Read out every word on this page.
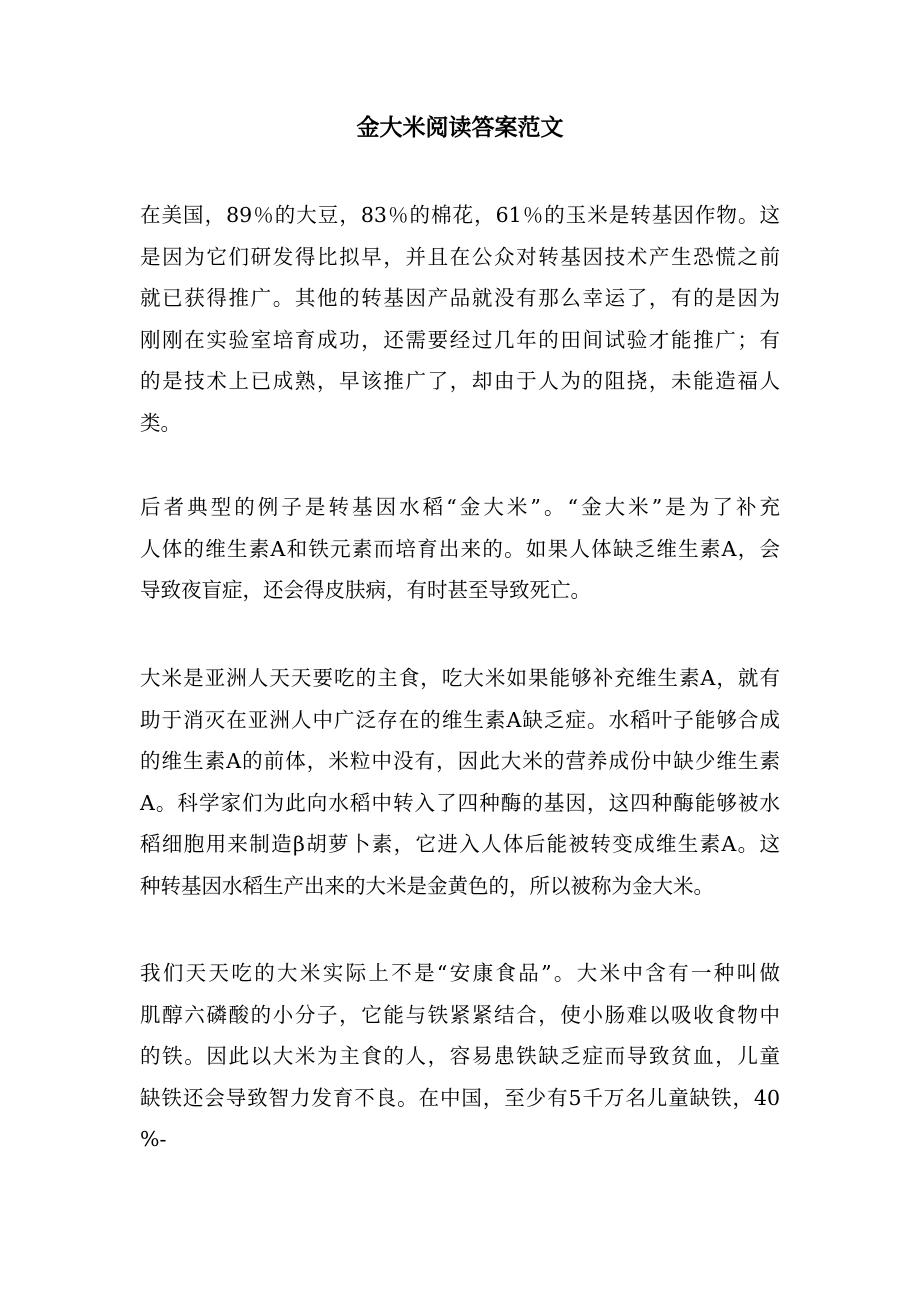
金大米阅读答案范文

在美国，89％的大豆，83％的棉花，61％的玉米是转基因作物。这
是因为它们研发得比拟早，并且在公众对转基因技术产生恐慌之前
就已获得推广。其他的转基因产品就没有那么幸运了，有的是因为
刚刚在实验室培育成功，还需要经过几年的田间试验才能推广；有
的是技术上已成熟，早该推广了，却由于人为的阻挠，未能造福人
类。

后者典型的例子是转基因水稻“金大米”。“金大米”是为了补充
人体的维生素A和铁元素而培育出来的。如果人体缺乏维生素A，会
导致夜盲症，还会得皮肤病，有时甚至导致死亡。

大米是亚洲人天天要吃的主食，吃大米如果能够补充维生素A，就有
助于消灭在亚洲人中广泛存在的维生素A缺乏症。水稻叶子能够合成
的维生素A的前体，米粒中没有，因此大米的营养成份中缺少维生素
A。科学家们为此向水稻中转入了四种酶的基因，这四种酶能够被水
稻细胞用来制造β胡萝卜素，它进入人体后能被转变成维生素A。这
种转基因水稻生产出来的大米是金黄色的，所以被称为金大米。

我们天天吃的大米实际上不是“安康食品”。大米中含有一种叫做
肌醇六磷酸的小分子，它能与铁紧紧结合，使小肠难以吸收食物中
的铁。因此以大米为主食的人，容易患铁缺乏症而导致贫血，儿童
缺铁还会导致智力发育不良。在中国，至少有5千万名儿童缺铁，40
%-
